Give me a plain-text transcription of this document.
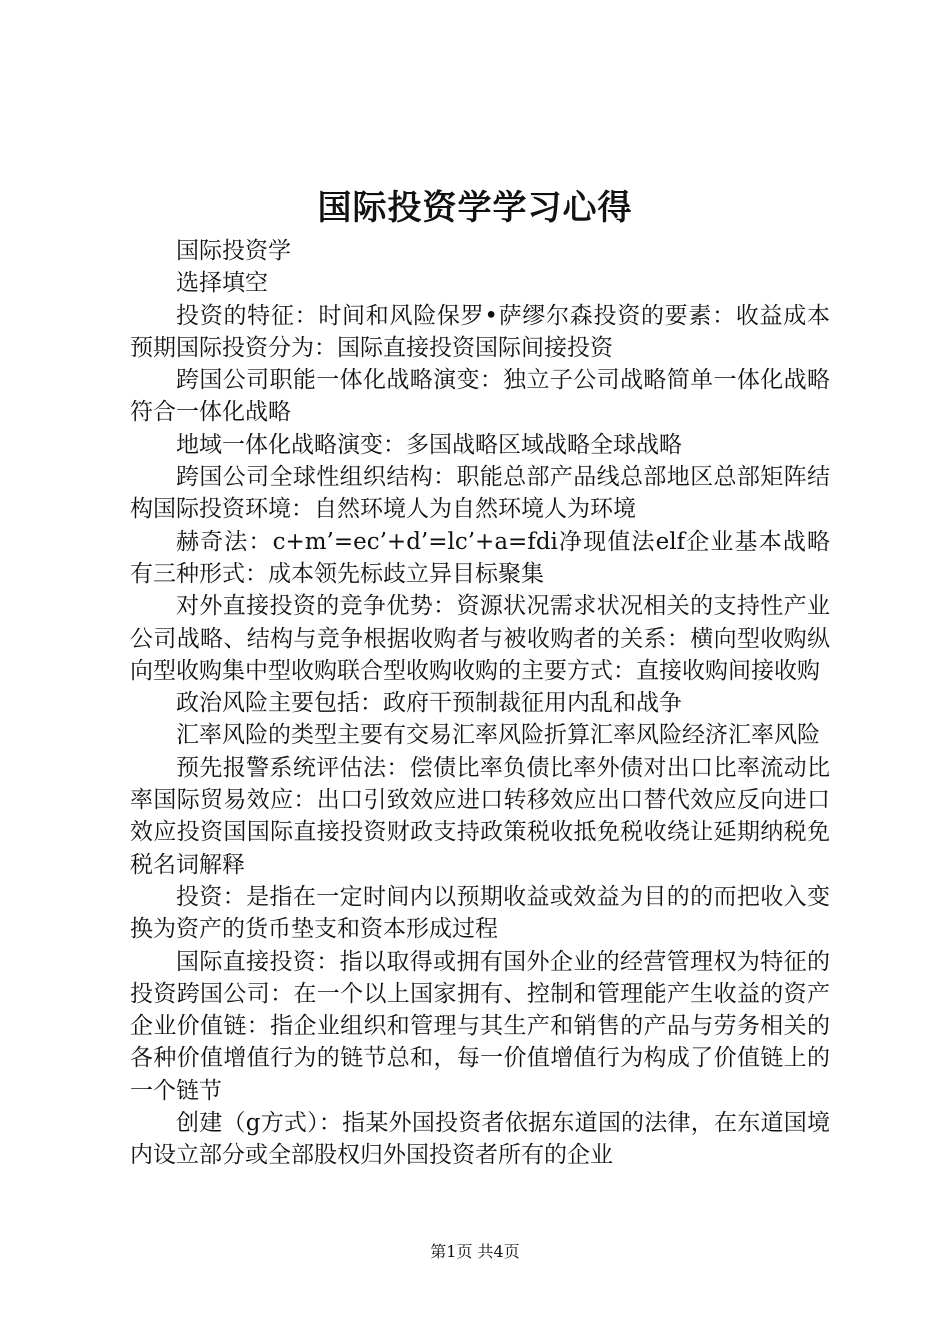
国际投资学学习心得

国际投资学

选择填空

投资的特征：时间和风险保罗•萨缪尔森投资的要素：收益成本预期国际投资分为：国际直接投资国际间接投资

跨国公司职能一体化战略演变：独立子公司战略简单一体化战略符合一体化战略

地域一体化战略演变：多国战略区域战略全球战略

跨国公司全球性组织结构：职能总部产品线总部地区总部矩阵结构国际投资环境：自然环境人为自然环境人为环境

赫奇法：c+m’=ec’+d’=lc’+a=fdi净现值法elf企业基本战略有三种形式：成本领先标歧立异目标聚集

对外直接投资的竞争优势：资源状况需求状况相关的支持性产业公司战略、结构与竞争根据收购者与被收购者的关系：横向型收购纵向型收购集中型收购联合型收购收购的主要方式：直接收购间接收购

政治风险主要包括：政府干预制裁征用内乱和战争

汇率风险的类型主要有交易汇率风险折算汇率风险经济汇率风险

预先报警系统评估法：偿债比率负债比率外债对出口比率流动比率国际贸易效应：出口引致效应进口转移效应出口替代效应反向进口效应投资国国际直接投资财政支持政策税收抵免税收绕让延期纳税免税名词解释

投资：是指在一定时间内以预期收益或效益为目的的而把收入变换为资产的货币垫支和资本形成过程

国际直接投资：指以取得或拥有国外企业的经营管理权为特征的投资跨国公司：在一个以上国家拥有、控制和管理能产生收益的资产企业价值链：指企业组织和管理与其生产和销售的产品与劳务相关的各种价值增值行为的链节总和，每一价值增值行为构成了价值链上的一个链节

创建（g方式）：指某外国投资者依据东道国的法律，在东道国境内设立部分或全部股权归外国投资者所有的企业

第1页 共4页
